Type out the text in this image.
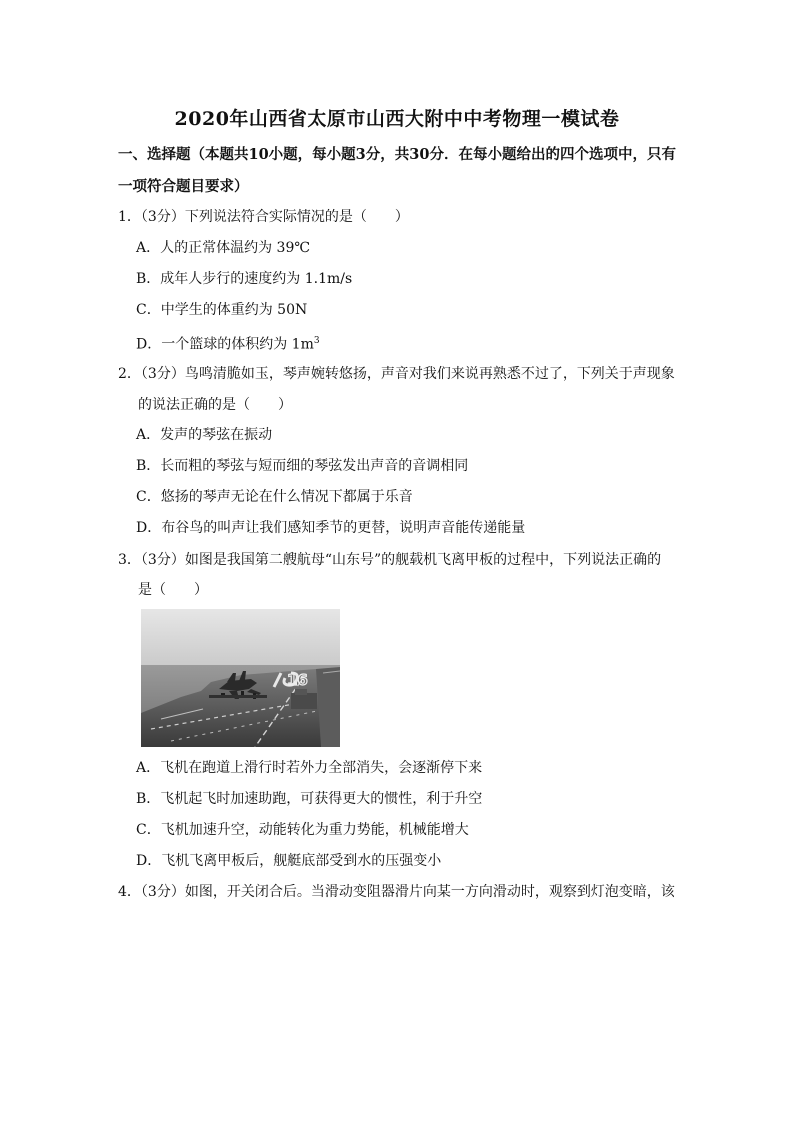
2020年山西省太原市山西大附中中考物理一模试卷
一、选择题（本题共10小题，每小题3分，共30分．在每小题给出的四个选项中，只有
一项符合题目要求）
1．（3分）下列说法符合实际情况的是（　　）
A．人的正常体温约为 39℃
B．成年人步行的速度约为 1.1m/s
C．中学生的体重约为 50N
D．一个篮球的体积约为 $1m^3$
2．（3分）鸟鸣清脆如玉，琴声婉转悠扬，声音对我们来说再熟悉不过了，下列关于声现象
的说法正确的是（　　）
A．发声的琴弦在振动
B．长而粗的琴弦与短而细的琴弦发出声音的音调相同
C．悠扬的琴声无论在什么情况下都属于乐音
D．布谷鸟的叫声让我们感知季节的更替，说明声音能传递能量
3．（3分）如图是我国第二艘航母“山东号”的舰载机飞离甲板的过程中，下列说法正确的
是（　　）
16
A．飞机在跑道上滑行时若外力全部消失，会逐渐停下来
B．飞机起飞时加速助跑，可获得更大的惯性，利于升空
C．飞机加速升空，动能转化为重力势能，机械能增大
D．飞机飞离甲板后，舰艇底部受到水的压强变小
4．（3分）如图，开关闭合后。当滑动变阻器滑片向某一方向滑动时，观察到灯泡变暗，该
